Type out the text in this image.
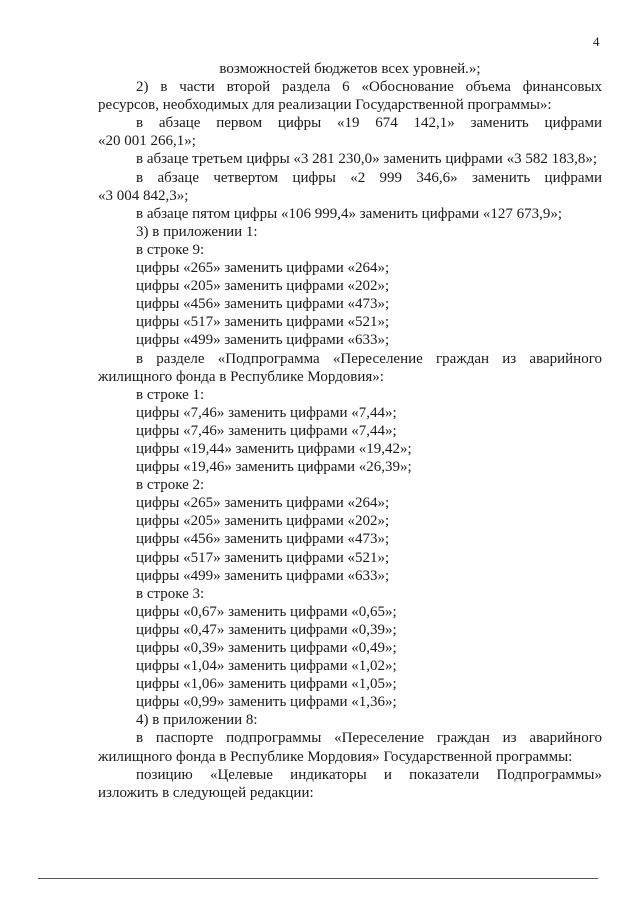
4

возможностей бюджетов всех уровней.»;

2) в части второй раздела 6 «Обоснование объема финансовых

ресурсов, необходимых для реализации Государственной программы»:

в абзаце первом цифры «19 674 142,1» заменить цифрами

«20 001 266,1»;

в абзаце третьем цифры «3 281 230,0» заменить цифрами «3 582 183,8»;

в абзаце четвертом цифры «2 999 346,6» заменить цифрами

«3 004 842,3»;

в абзаце пятом цифры «106 999,4» заменить цифрами «127 673,9»;

3) в приложении 1:

в строке 9:

цифры «265» заменить цифрами «264»;

цифры «205» заменить цифрами «202»;

цифры «456» заменить цифрами «473»;

цифры «517» заменить цифрами «521»;

цифры «499» заменить цифрами «633»;

в разделе «Подпрограмма «Переселение граждан из аварийного

жилищного фонда в Республике Мордовия»:

в строке 1:

цифры «7,46» заменить цифрами «7,44»;

цифры «7,46» заменить цифрами «7,44»;

цифры «19,44» заменить цифрами «19,42»;

цифры «19,46» заменить цифрами «26,39»;

в строке 2:

цифры «265» заменить цифрами «264»;

цифры «205» заменить цифрами «202»;

цифры «456» заменить цифрами «473»;

цифры «517» заменить цифрами «521»;

цифры «499» заменить цифрами «633»;

в строке 3:

цифры «0,67» заменить цифрами «0,65»;

цифры «0,47» заменить цифрами «0,39»;

цифры «0,39» заменить цифрами «0,49»;

цифры «1,04» заменить цифрами «1,02»;

цифры «1,06» заменить цифрами «1,05»;

цифры «0,99» заменить цифрами «1,36»;

4) в приложении 8:

в паспорте подпрограммы «Переселение граждан из аварийного

жилищного фонда в Республике Мордовия» Государственной программы:

позицию «Целевые индикаторы и показатели Подпрограммы»

изложить в следующей редакции:
